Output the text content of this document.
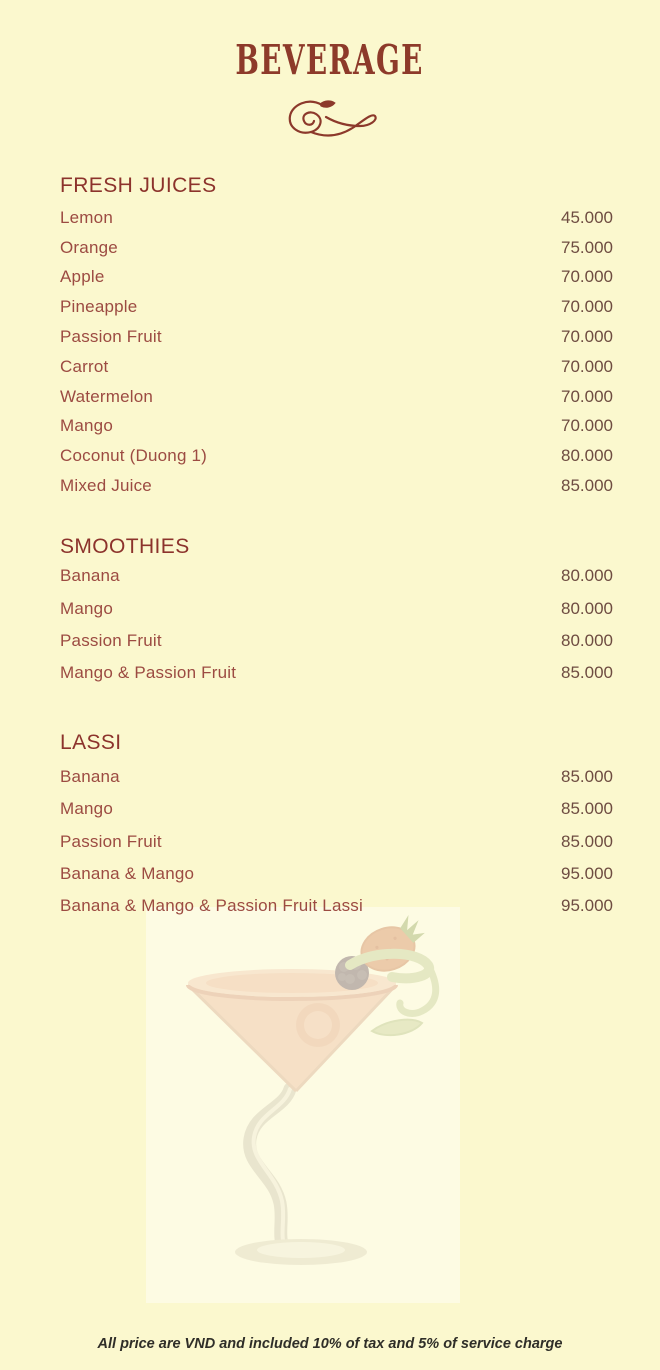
BEVERAGE
FRESH JUICES
Lemon	45.000
Orange	75.000
Apple	70.000
Pineapple	70.000
Passion Fruit	70.000
Carrot	70.000
Watermelon	70.000
Mango	70.000
Coconut (Duong 1)	80.000
Mixed Juice	85.000
SMOOTHIES
Banana	80.000
Mango	80.000
Passion Fruit	80.000
Mango & Passion Fruit	85.000
LASSI
Banana	85.000
Mango	85.000
Passion Fruit	85.000
Banana & Mango	95.000
Banana & Mango & Passion Fruit Lassi	95.000
All price are VND and included 10% of tax and 5% of service charge
